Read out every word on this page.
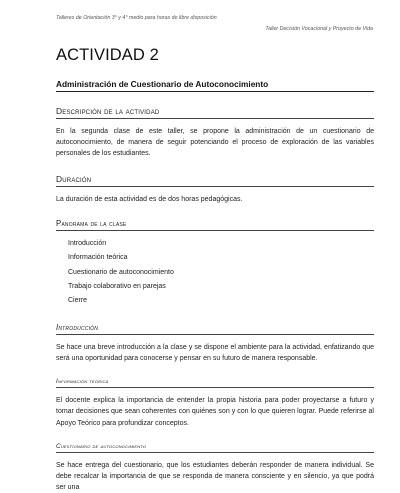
Talleres de Orientación 3° y 4° medio para horas de libre disposición
Taller Decisión Vocacional y Proyecto de Vida
ACTIVIDAD 2
Administración de Cuestionario de Autoconocimiento
Descripción de la actividad
En la segunda clase de este taller, se propone la administración de un cuestionario de autoconocimiento, de manera de seguir potenciando el proceso de exploración de las variables personales de los estudiantes.
Duración
La duración de esta actividad es de dos horas pedagógicas.
Panorama de la clase
Introducción
Información teórica
Cuestionario de autoconocimiento
Trabajo colaborativo en parejas
Cierre
Introducción
Se hace una breve introducción a la clase y se dispone el ambiente para la actividad, enfatizando que será una oportunidad para conocerse y pensar en su futuro de manera responsable.
Información teórica
El docente explica la importancia de entender la propia historia para poder proyectarse a futuro y tomar decisiones que sean coherentes con quiénes son y con lo que quieren lograr. Puede referirse al Apoyo Teórico para profundizar conceptos.
Cuestionario de autoconocimiento
Se hace entrega del cuestionario, que los estudiantes deberán responder de manera individual. Se debe recalcar la importancia de que se responda de manera consciente y en silencio, ya que podrá ser una
